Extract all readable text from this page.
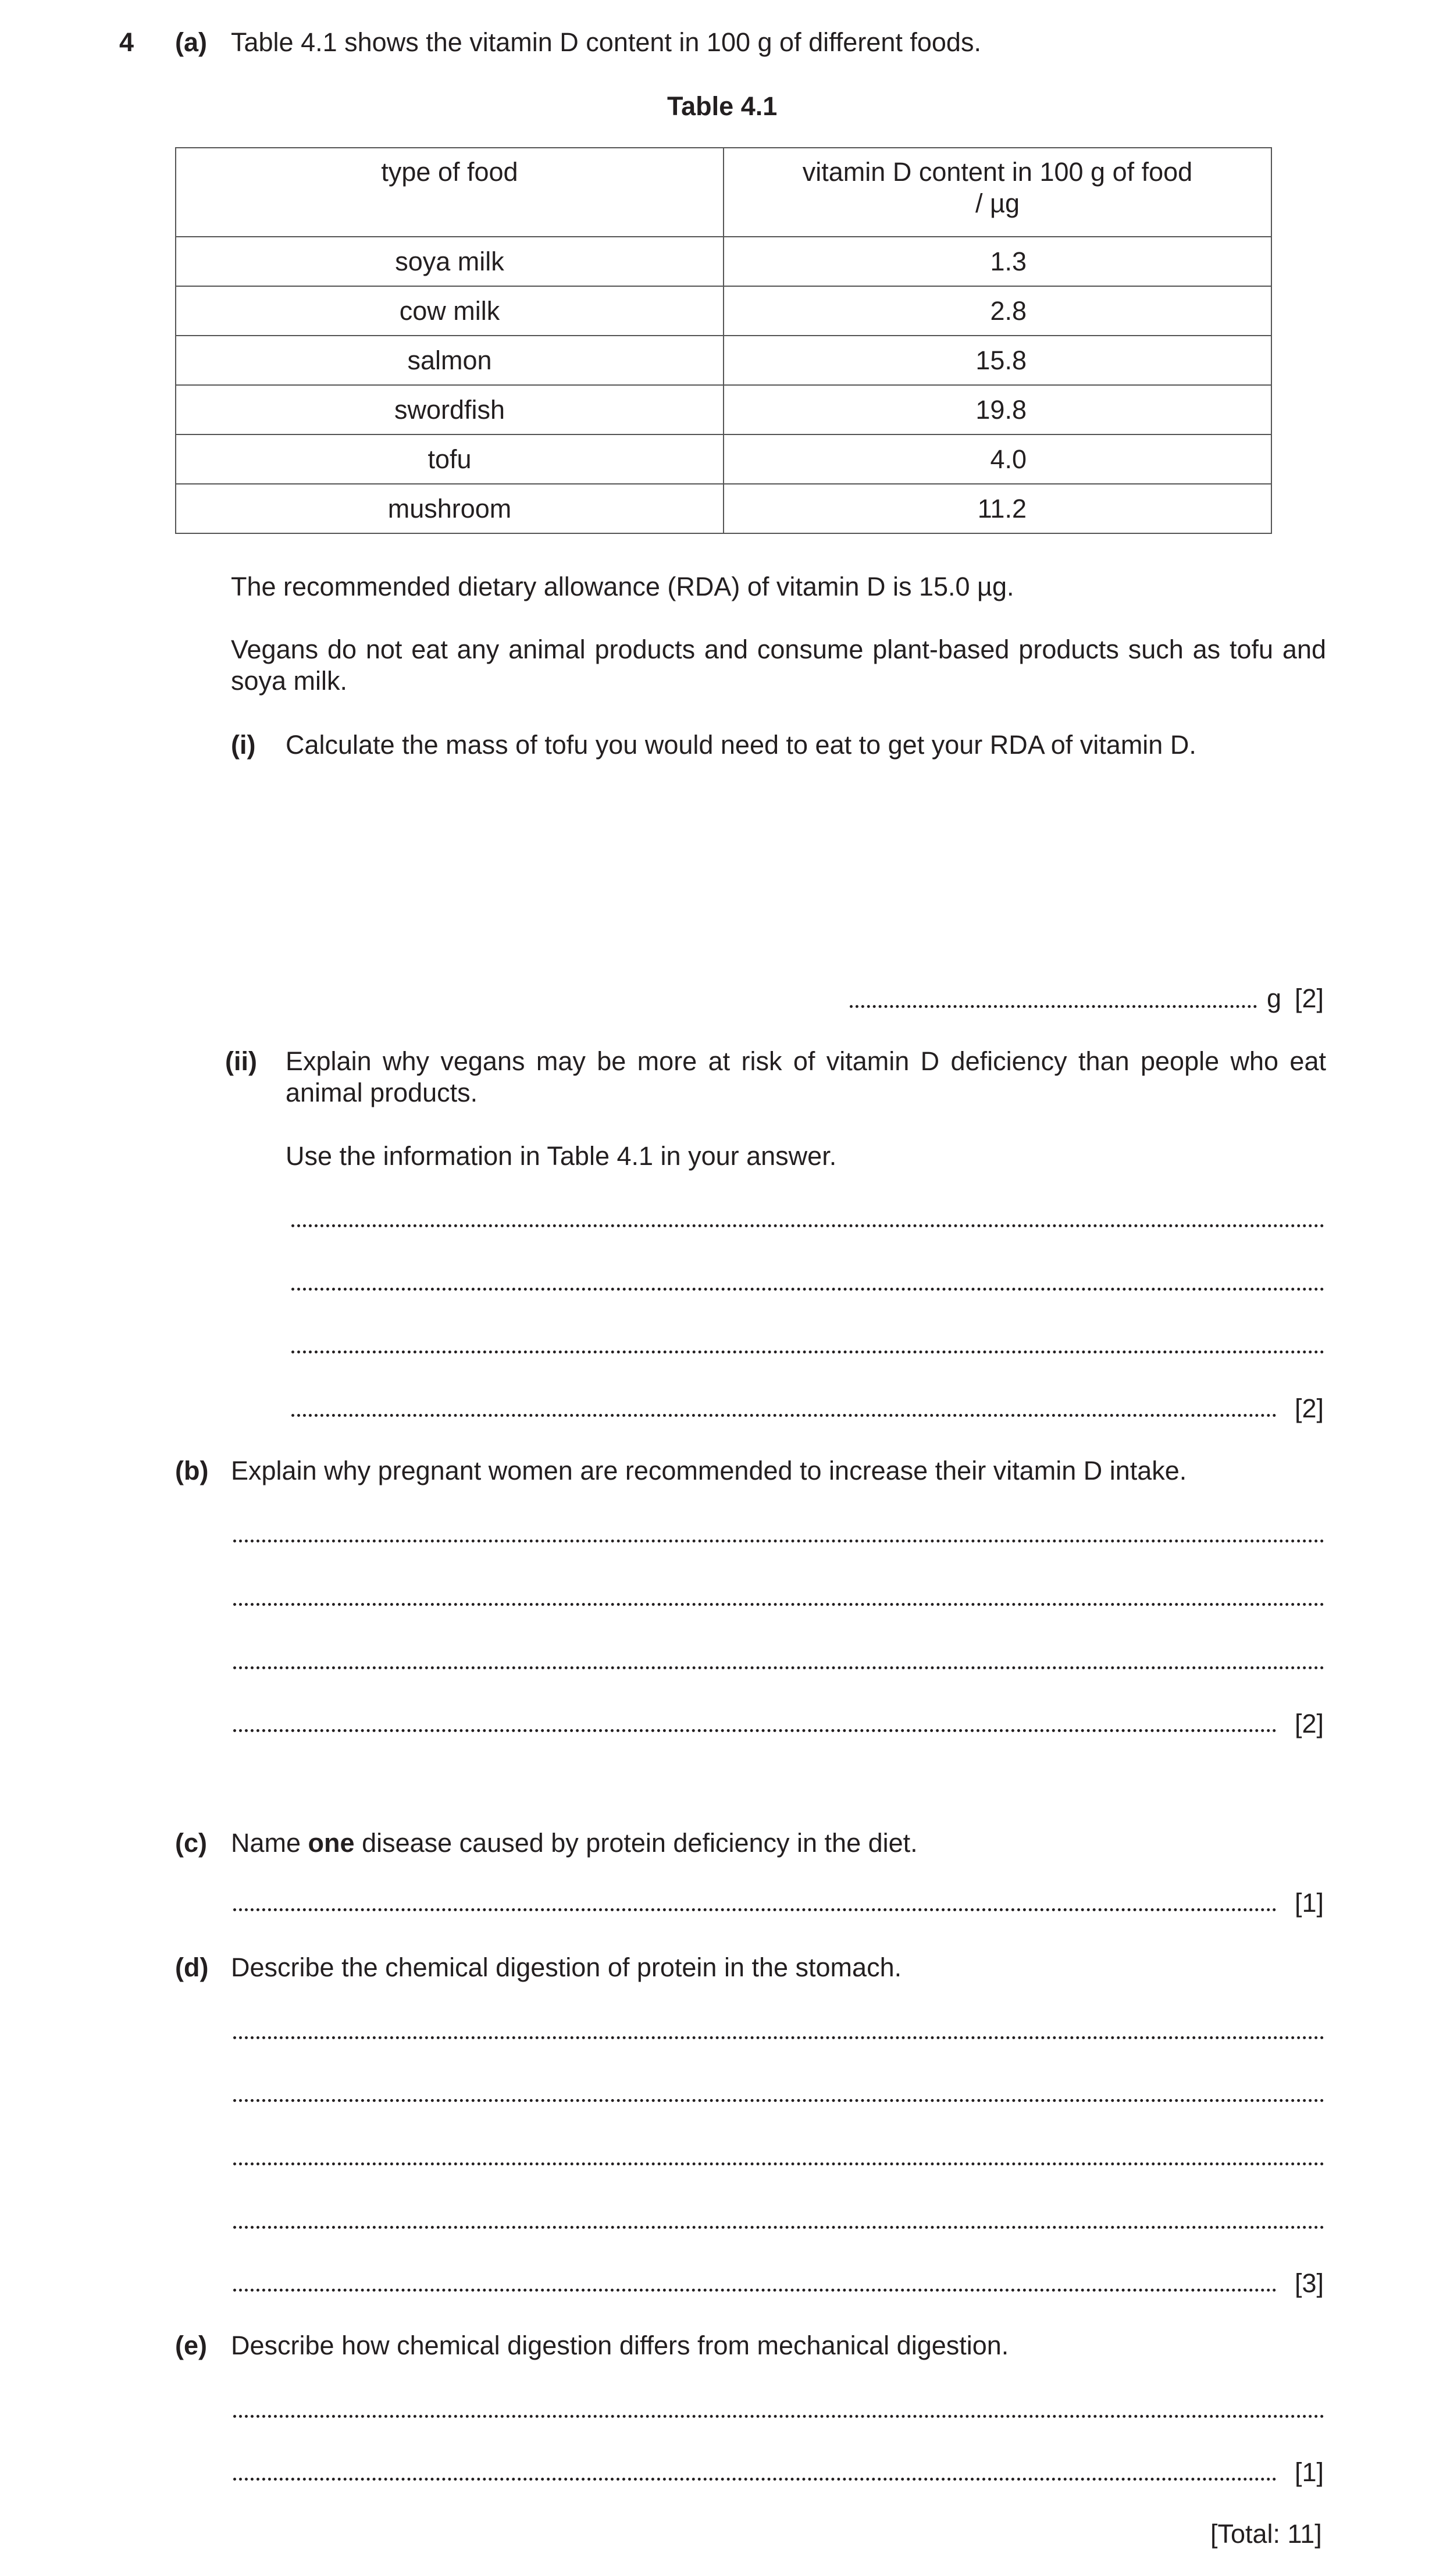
4 (a) Table 4.1 shows the vitamin D content in 100 g of different foods.
Table 4.1
type of food	vitamin D content in 100 g of food
/ µg

soya milk	1.3
cow milk	2.8
salmon	15.8
swordfish	19.8
tofu	4.0
mushroom	11.2
The recommended dietary allowance (RDA) of vitamin D is 15.0 µg.
Vegans do not eat any animal products and consume plant-based products such as tofu and soya milk.
(i) Calculate the mass of tofu you would need to eat to get your RDA of vitamin D.
g [2]
(ii) Explain why vegans may be more at risk of vitamin D deficiency than people who eat animal products.
Use the information in Table 4.1 in your answer.
[2]
(b) Explain why pregnant women are recommended to increase their vitamin D intake.
[2]
(c) Name one disease caused by protein deficiency in the diet.
[1]
(d) Describe the chemical digestion of protein in the stomach.
[3]
(e) Describe how chemical digestion differs from mechanical digestion.
[1]
[Total: 11]
